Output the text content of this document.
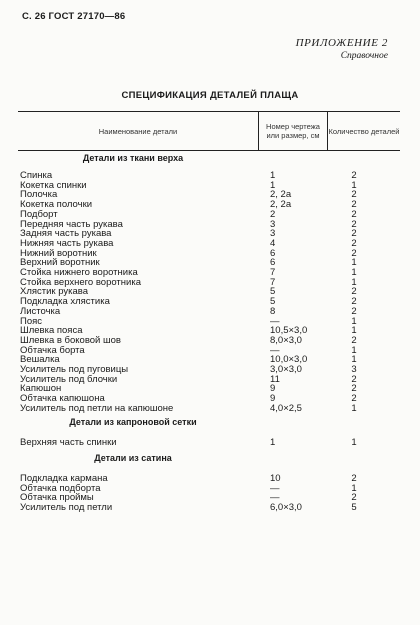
С. 26 ГОСТ 27170—86
ПРИЛОЖЕНИЕ 2
Справочное
СПЕЦИФИКАЦИЯ ДЕТАЛЕЙ ПЛАЩА
Наименование детали	Номер чертежа или размер, см	Количество деталей
Детали из ткани верха
Спинка	1	2
Кокетка спинки	1	1
Полочка	2, 2а	2
Кокетка полочки	2, 2а	2
Подборт	2	2
Передняя часть рукава	3	2
Задняя часть рукава	3	2
Нижняя часть рукава	4	2
Нижний воротник	6	2
Верхний воротник	6	1
Стойка нижнего воротника	7	1
Стойка верхнего воротника	7	1
Хлястик рукава	5	2
Подкладка хлястика	5	2
Листочка	8	2
Пояс	—	1
Шлевка пояса	10,5×3,0	1
Шлевка в боковой шов	8,0×3,0	2
Обтачка борта	—	1
Вешалка	10,0×3,0	1
Усилитель под пуговицы	3,0×3,0	3
Усилитель под блочки	11	2
Капюшон	9	2
Обтачка капюшона	9	2
Усилитель под петли на капюшоне	4,0×2,5	1
Детали из капроновой сетки
Верхняя часть спинки	1	1
Детали из сатина
Подкладка кармана	10	2
Обтачка подборта	—	1
Обтачка проймы	—	2
Усилитель под петли	6,0×3,0	5
